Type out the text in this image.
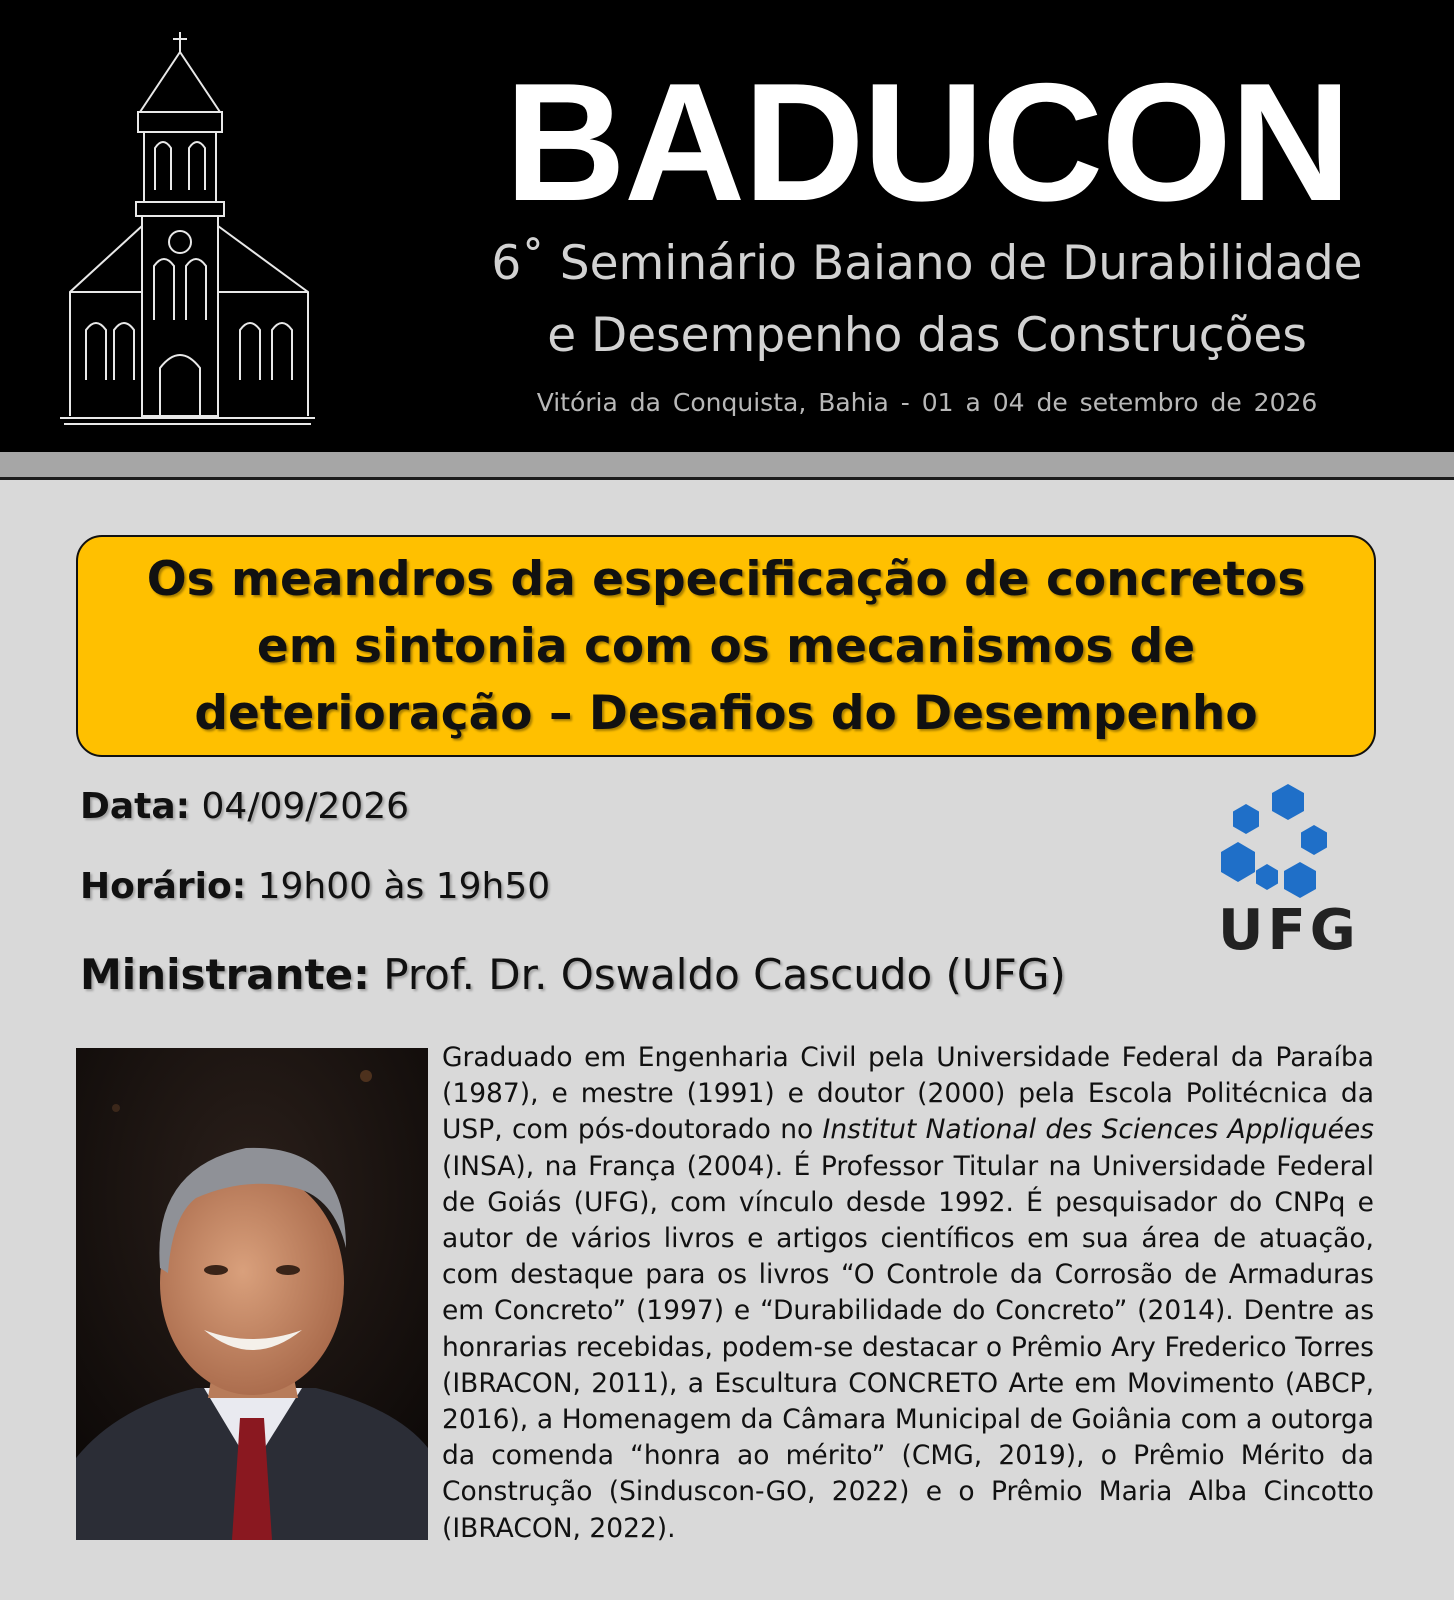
BADUCON
6˚ Seminário Baiano de Durabilidade
e Desempenho das Construções
Vitória da Conquista, Bahia - 01 a 04 de setembro de 2026
Os meandros da especificação de concretos
em sintonia com os mecanismos de
deterioração – Desafios do Desempenho
Data: 04/09/2026
Horário: 19h00 às 19h50
Ministrante: Prof. Dr. Oswaldo Cascudo (UFG)
UFG
Graduado em Engenharia Civil pela Universidade Federal da Paraíba (1987), e mestre (1991) e doutor (2000) pela Escola Politécnica da USP, com pós-doutorado no Institut National des Sciences Appliquées (INSA), na França (2004). É Professor Titular na Universidade Federal de Goiás (UFG), com vínculo desde 1992. É pesquisador do CNPq e autor de vários livros e artigos científicos em sua área de atuação, com destaque para os livros “O Controle da Corrosão de Armaduras em Concreto” (1997) e “Durabilidade do Concreto” (2014). Dentre as honrarias recebidas, podem-se destacar o Prêmio Ary Frederico Torres (IBRACON, 2011), a Escultura CONCRETO Arte em Movimento (ABCP, 2016), a Homenagem da Câmara Municipal de Goiânia com a outorga da comenda “honra ao mérito” (CMG, 2019), o Prêmio Mérito da Construção (Sinduscon-GO, 2022) e o Prêmio Maria Alba Cincotto (IBRACON, 2022).
